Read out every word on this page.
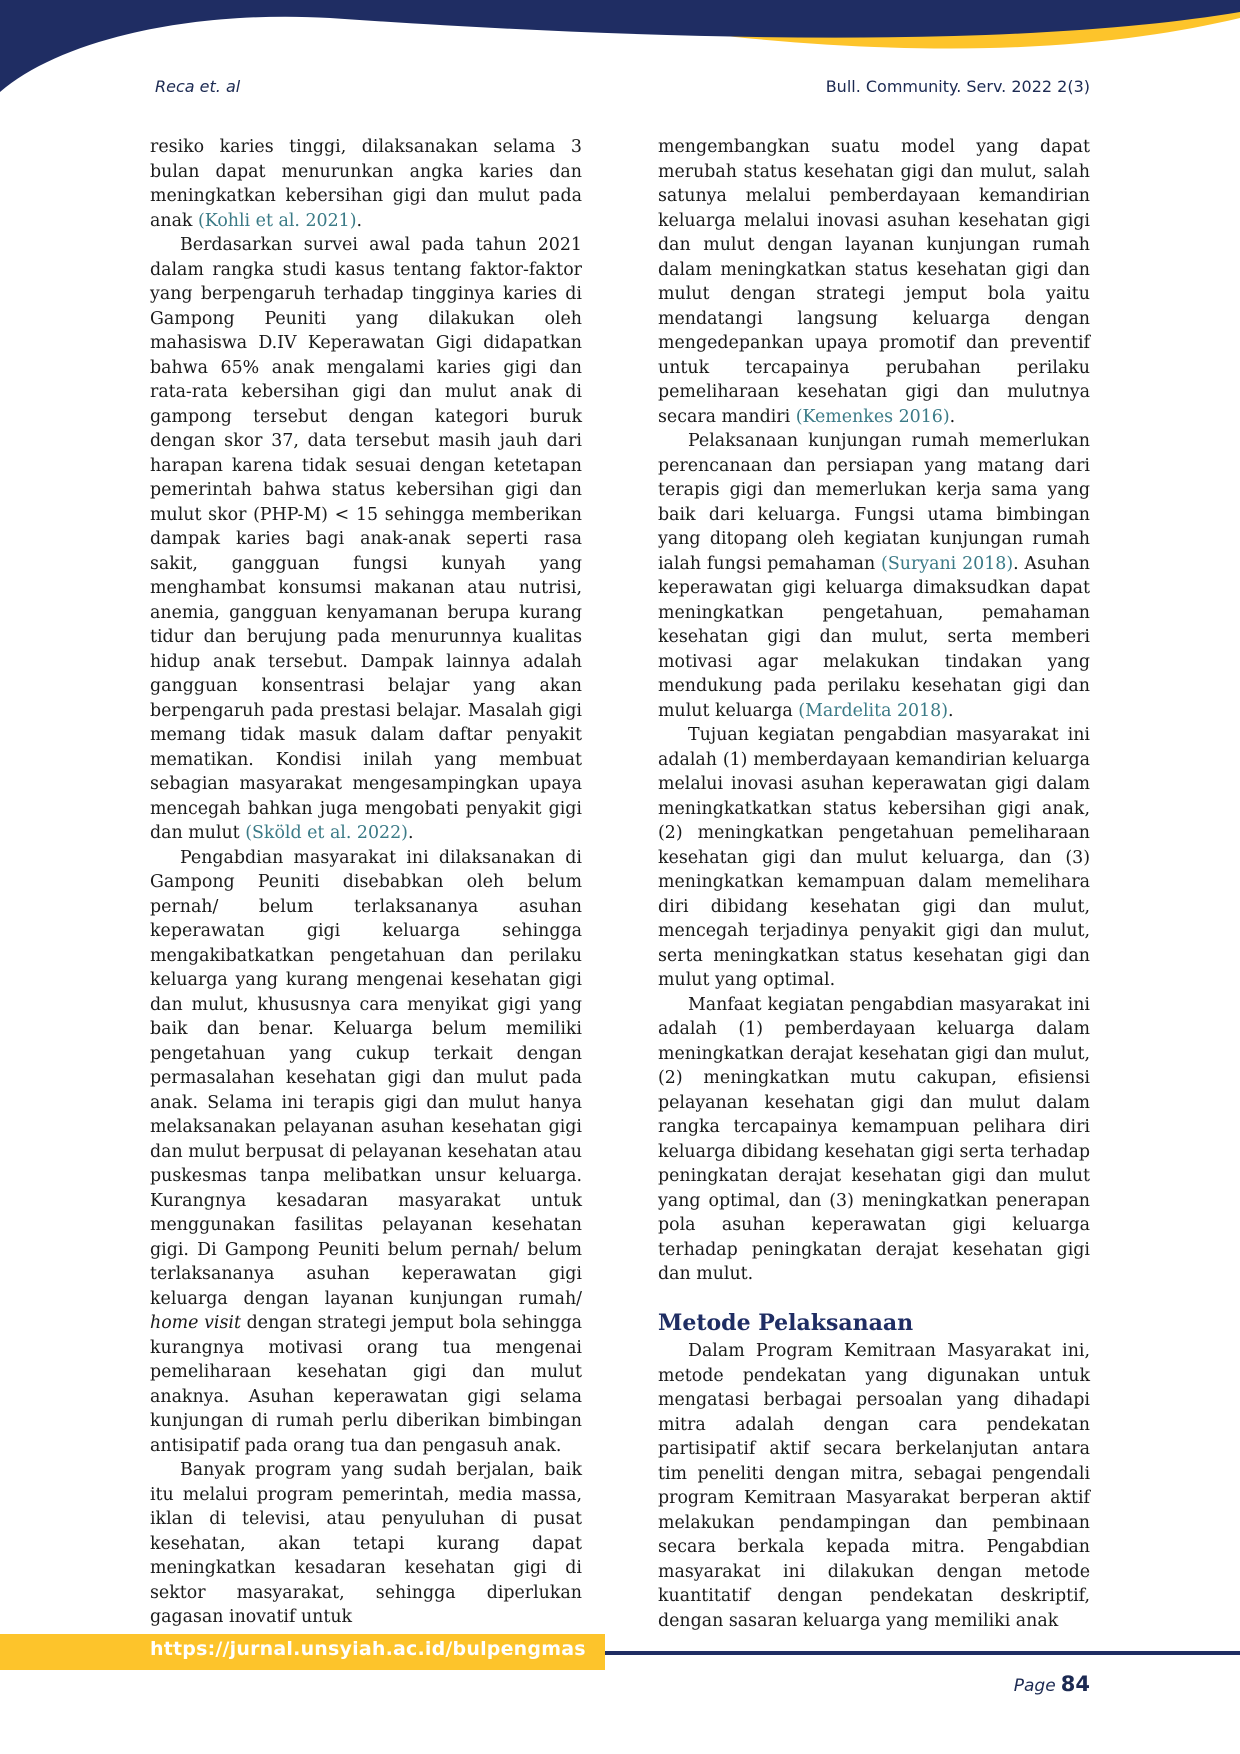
Reca et. al	Bull. Community. Serv. 2022 2(3)

resiko karies tinggi, dilaksanakan selama 3 bulan dapat menurunkan angka karies dan meningkatkan kebersihan gigi dan mulut pada anak (Kohli et al. 2021).

Berdasarkan survei awal pada tahun 2021 dalam rangka studi kasus tentang faktor-faktor yang berpengaruh terhadap tingginya karies di Gampong Peuniti yang dilakukan oleh mahasiswa D.IV Keperawatan Gigi didapatkan bahwa 65% anak mengalami karies gigi dan rata-rata kebersihan gigi dan mulut anak di gampong tersebut dengan kategori buruk dengan skor 37, data tersebut masih jauh dari harapan karena tidak sesuai dengan ketetapan pemerintah bahwa status kebersihan gigi dan mulut skor (PHP-M) < 15 sehingga memberikan dampak karies bagi anak-anak seperti rasa sakit, gangguan fungsi kunyah yang menghambat konsumsi makanan atau nutrisi, anemia, gangguan kenyamanan berupa kurang tidur dan berujung pada menurunnya kualitas hidup anak tersebut. Dampak lainnya adalah gangguan konsentrasi belajar yang akan berpengaruh pada prestasi belajar. Masalah gigi memang tidak masuk dalam daftar penyakit mematikan. Kondisi inilah yang membuat sebagian masyarakat mengesampingkan upaya mencegah bahkan juga mengobati penyakit gigi dan mulut (Sköld et al. 2022).

Pengabdian masyarakat ini dilaksanakan di Gampong Peuniti disebabkan oleh belum pernah/ belum terlaksananya asuhan keperawatan gigi keluarga sehingga mengakibatkatkan pengetahuan dan perilaku keluarga yang kurang mengenai kesehatan gigi dan mulut, khususnya cara menyikat gigi yang baik dan benar. Keluarga belum memiliki pengetahuan yang cukup terkait dengan permasalahan kesehatan gigi dan mulut pada anak. Selama ini terapis gigi dan mulut hanya melaksanakan pelayanan asuhan kesehatan gigi dan mulut berpusat di pelayanan kesehatan atau puskesmas tanpa melibatkan unsur keluarga. Kurangnya kesadaran masyarakat untuk menggunakan fasilitas pelayanan kesehatan gigi. Di Gampong Peuniti belum pernah/ belum terlaksananya asuhan keperawatan gigi keluarga dengan layanan kunjungan rumah/ home visit dengan strategi jemput bola sehingga kurangnya motivasi orang tua mengenai pemeliharaan kesehatan gigi dan mulut anaknya. Asuhan keperawatan gigi selama kunjungan di rumah perlu diberikan bimbingan antisipatif pada orang tua dan pengasuh anak.

Banyak program yang sudah berjalan, baik itu melalui program pemerintah, media massa, iklan di televisi, atau penyuluhan di pusat kesehatan, akan tetapi kurang dapat meningkatkan kesadaran kesehatan gigi di sektor masyarakat, sehingga diperlukan gagasan inovatif untuk

mengembangkan suatu model yang dapat merubah status kesehatan gigi dan mulut, salah satunya melalui pemberdayaan kemandirian keluarga melalui inovasi asuhan kesehatan gigi dan mulut dengan layanan kunjungan rumah dalam meningkatkan status kesehatan gigi dan mulut dengan strategi jemput bola yaitu mendatangi langsung keluarga dengan mengedepankan upaya promotif dan preventif untuk tercapainya perubahan perilaku pemeliharaan kesehatan gigi dan mulutnya secara mandiri (Kemenkes 2016).

Pelaksanaan kunjungan rumah memerlukan perencanaan dan persiapan yang matang dari terapis gigi dan memerlukan kerja sama yang baik dari keluarga. Fungsi utama bimbingan yang ditopang oleh kegiatan kunjungan rumah ialah fungsi pemahaman (Suryani 2018). Asuhan keperawatan gigi keluarga dimaksudkan dapat meningkatkan pengetahuan, pemahaman kesehatan gigi dan mulut, serta memberi motivasi agar melakukan tindakan yang mendukung pada perilaku kesehatan gigi dan mulut keluarga (Mardelita 2018).

Tujuan kegiatan pengabdian masyarakat ini adalah (1) memberdayaan kemandirian keluarga melalui inovasi asuhan keperawatan gigi dalam meningkatkatkan status kebersihan gigi anak, (2) meningkatkan pengetahuan pemeliharaan kesehatan gigi dan mulut keluarga, dan (3) meningkatkan kemampuan dalam memelihara diri dibidang kesehatan gigi dan mulut, mencegah terjadinya penyakit gigi dan mulut, serta meningkatkan status kesehatan gigi dan mulut yang optimal.

Manfaat kegiatan pengabdian masyarakat ini adalah (1) pemberdayaan keluarga dalam meningkatkan derajat kesehatan gigi dan mulut, (2) meningkatkan mutu cakupan, efisiensi pelayanan kesehatan gigi dan mulut dalam rangka tercapainya kemampuan pelihara diri keluarga dibidang kesehatan gigi serta terhadap peningkatan derajat kesehatan gigi dan mulut yang optimal, dan (3) meningkatkan penerapan pola asuhan keperawatan gigi keluarga terhadap peningkatan derajat kesehatan gigi dan mulut.

Metode Pelaksanaan

Dalam Program Kemitraan Masyarakat ini, metode pendekatan yang digunakan untuk mengatasi berbagai persoalan yang dihadapi mitra adalah dengan cara pendekatan partisipatif aktif secara berkelanjutan antara tim peneliti dengan mitra, sebagai pengendali program Kemitraan Masyarakat berperan aktif melakukan pendampingan dan pembinaan secara berkala kepada mitra. Pengabdian masyarakat ini dilakukan dengan metode kuantitatif dengan pendekatan deskriptif, dengan sasaran keluarga yang memiliki anak

https://jurnal.unsyiah.ac.id/bulpengmas
Page 84
